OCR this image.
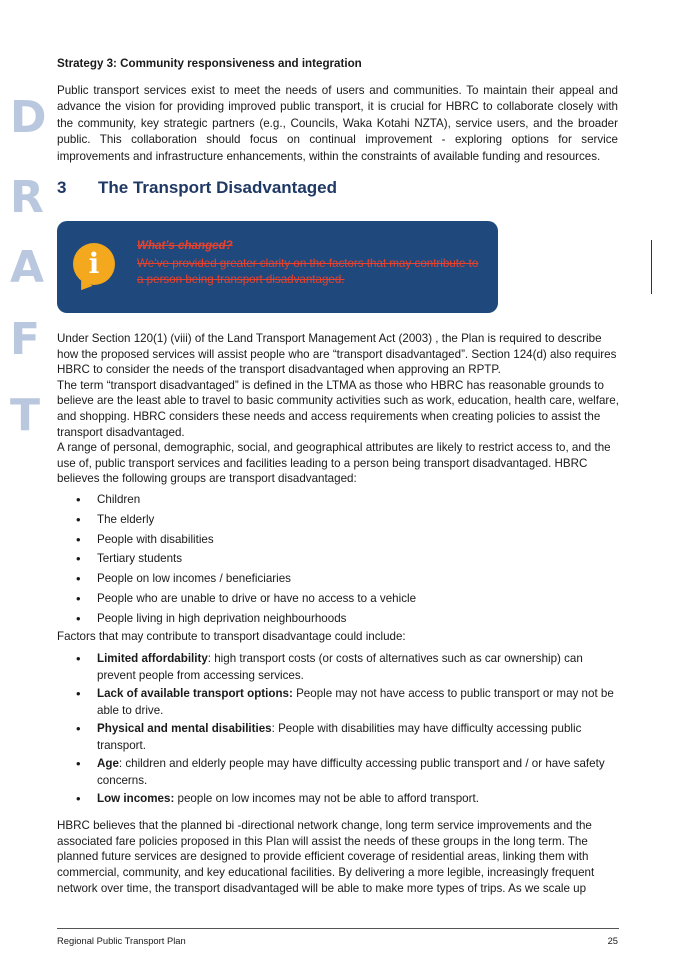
D
R
A
F
T
Strategy 3: Community responsiveness and integration
Public transport services exist to meet the needs of users and communities. To maintain their appeal and advance the vision for providing improved public transport, it is crucial for HBRC to collaborate closely with the community, key strategic partners (e.g., Councils, Waka Kotahi NZTA), service users, and the broader public. This collaboration should focus on continual improvement - exploring options for service improvements and infrastructure enhancements, within the constraints of available funding and resources.
3 The Transport Disadvantaged
i
What’s changed?
We’ve provided greater clarity on the factors that may contribute to a person being transport disadvantaged.

Under Section 120(1) (viii) of the Land Transport Management Act (2003) , the Plan is required to describe how the proposed services will assist people who are “transport disadvantaged”. Section 124(d) also requires HBRC to consider the needs of the transport disadvantaged when approving an RPTP.

The term “transport disadvantaged” is defined in the LTMA as those who HBRC has reasonable grounds to believe are the least able to travel to basic community activities such as work, education, health care, welfare, and shopping. HBRC considers these needs and access requirements when creating policies to assist the transport disadvantaged.

A range of personal, demographic, social, and geographical attributes are likely to restrict access to, and the use of, public transport services and facilities leading to a person being transport disadvantaged. HBRC believes the following groups are transport disadvantaged:

• Children
• The elderly
• People with disabilities
• Tertiary students
• People on low incomes / beneficiaries
• People who are unable to drive or have no access to a vehicle
• People living in high deprivation neighbourhoods

Factors that may contribute to transport disadvantage could include:

• Limited affordability: high transport costs (or costs of alternatives such as car ownership) can prevent people from accessing services.
• Lack of available transport options: People may not have access to public transport or may not be able to drive.
• Physical and mental disabilities: People with disabilities may have difficulty accessing public transport.
• Age: children and elderly people may have difficulty accessing public transport and / or have safety concerns.
• Low incomes: people on low incomes may not be able to afford transport.

HBRC believes that the planned bi -directional network change, long term service improvements and the associated fare policies proposed in this Plan will assist the needs of these groups in the long term. The planned future services are designed to provide efficient coverage of residential areas, linking them with commercial, community, and key educational facilities. By delivering a more legible, increasingly frequent network over time, the transport disadvantaged will be able to make more types of trips. As we scale up

Regional Public Transport Plan	25
